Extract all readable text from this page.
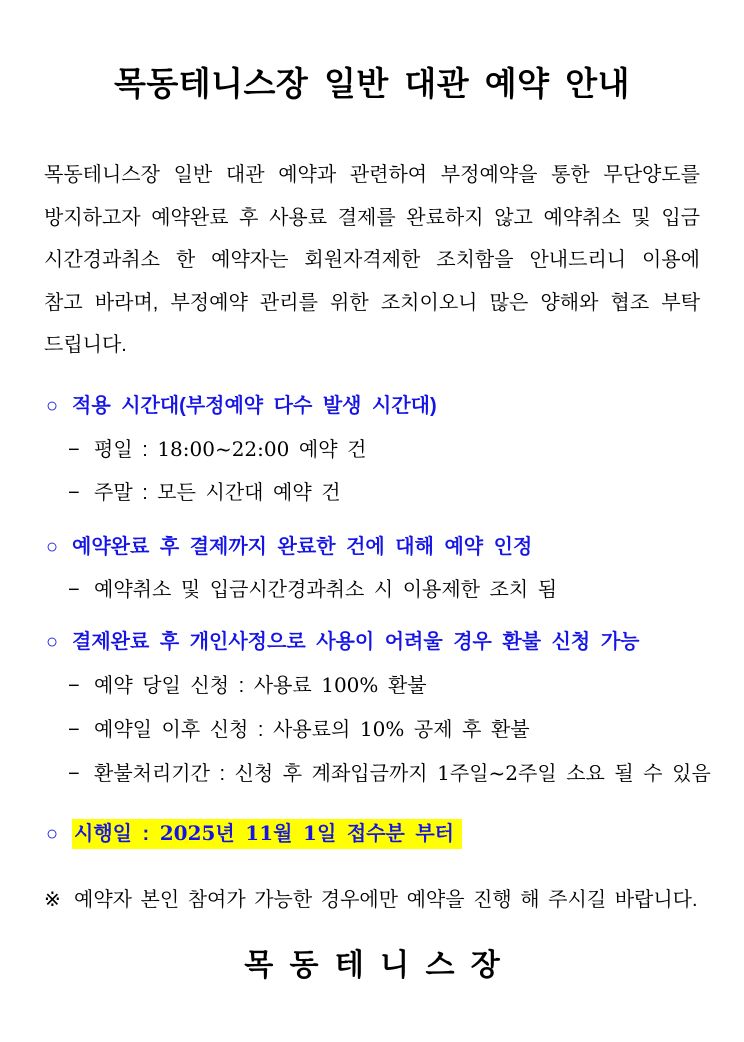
목동테니스장 일반 대관 예약 안내
목동테니스장 일반 대관 예약과 관련하여 부정예약을 통한 무단양도를
방지하고자 예약완료 후 사용료 결제를 완료하지 않고 예약취소 및 입금
시간경과취소 한 예약자는 회원자격제한 조치함을 안내드리니 이용에
참고 바라며, 부정예약 관리를 위한 조치이오니 많은 양해와 협조 부탁
드립니다.
○ 적용 시간대(부정예약 다수 발생 시간대)
− 평일 : 18:00~22:00 예약 건
− 주말 : 모든 시간대 예약 건
○ 예약완료 후 결제까지 완료한 건에 대해 예약 인정
− 예약취소 및 입금시간경과취소 시 이용제한 조치 됨
○ 결제완료 후 개인사정으로 사용이 어려울 경우 환불 신청 가능
− 예약 당일 신청 : 사용료 100% 환불
− 예약일 이후 신청 : 사용료의 10% 공제 후 환불
− 환불처리기간 : 신청 후 계좌입금까지 1주일~2주일 소요 될 수 있음
○ 시행일 : 2025년 11월 1일 접수분 부터
※ 예약자 본인 참여가 가능한 경우에만 예약을 진행 해 주시길 바랍니다.
목 동 테 니 스 장
